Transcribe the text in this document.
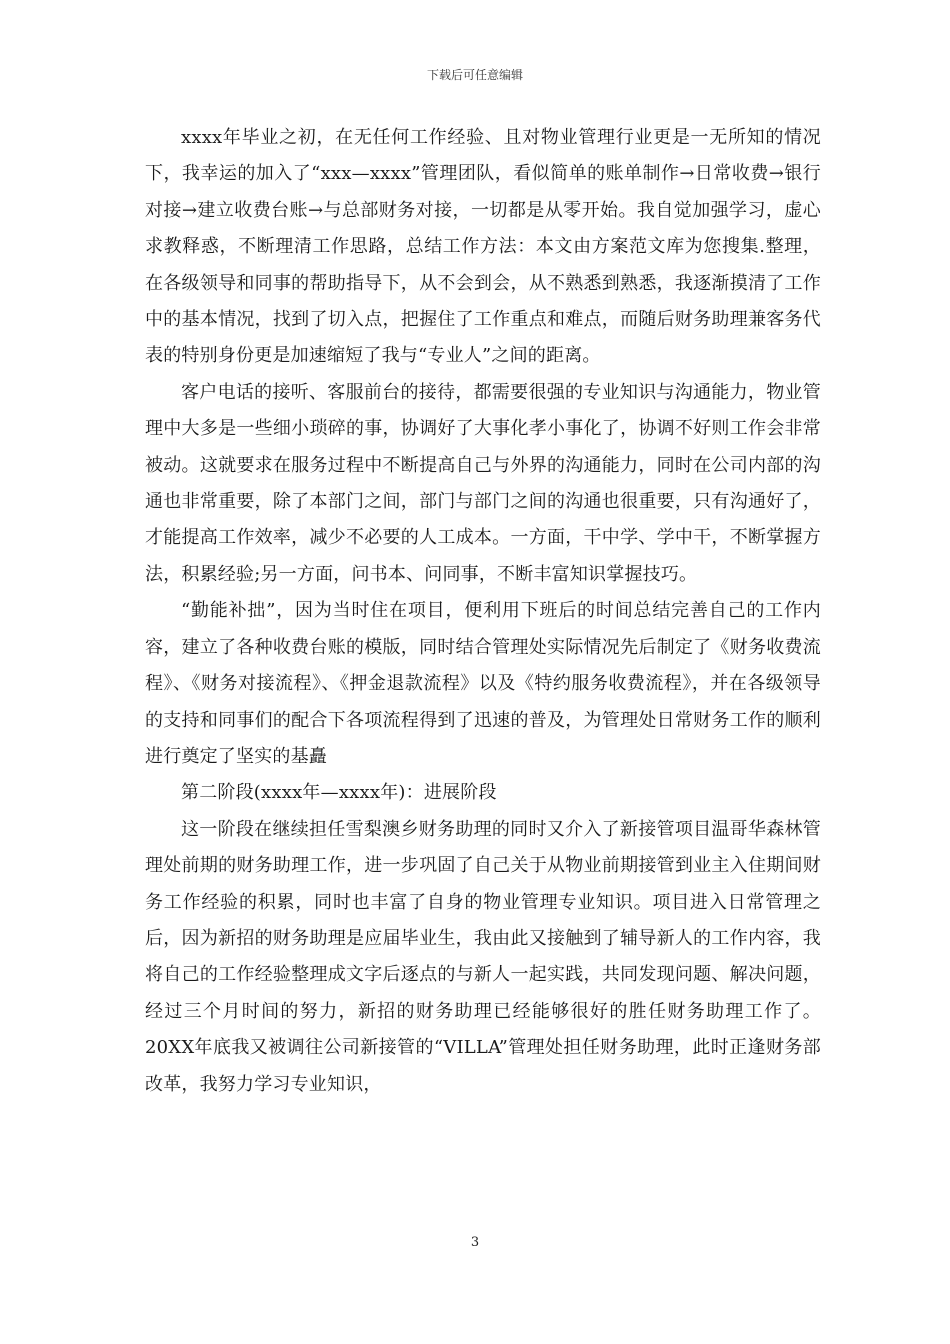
下载后可任意编辑

xxxx年毕业之初，在无任何工作经验、且对物业管理行业更是一无所知的情况下，我幸运的加入了“xxx—xxxx”管理团队，看似简单的账单制作→日常收费→银行对接→建立收费台账→与总部财务对接，一切都是从零开始。我自觉加强学习，虚心求教释惑，不断理清工作思路，总结工作方法：本文由方案范文库为您搜集.整理，在各级领导和同事的帮助指导下，从不会到会，从不熟悉到熟悉，我逐渐摸清了工作中的基本情况，找到了切入点，把握住了工作重点和难点，而随后财务助理兼客务代表的特别身份更是加速缩短了我与“专业人”之间的距离。

客户电话的接听、客服前台的接待，都需要很强的专业知识与沟通能力，物业管理中大多是一些细小琐碎的事，协调好了大事化孝小事化了，协调不好则工作会非常被动。这就要求在服务过程中不断提高自己与外界的沟通能力，同时在公司内部的沟通也非常重要，除了本部门之间，部门与部门之间的沟通也很重要，只有沟通好了，才能提高工作效率，减少不必要的人工成本。一方面，干中学、学中干，不断掌握方法，积累经验;另一方面，问书本、问同事，不断丰富知识掌握技巧。

“勤能补拙”，因为当时住在项目，便利用下班后的时间总结完善自己的工作内容，建立了各种收费台账的模版，同时结合管理处实际情况先后制定了《财务收费流程》、《财务对接流程》、《押金退款流程》以及《特约服务收费流程》，并在各级领导的支持和同事们的配合下各项流程得到了迅速的普及，为管理处日常财务工作的顺利进行奠定了坚实的基矗

第二阶段(xxxx年—xxxx年)：进展阶段

这一阶段在继续担任雪梨澳乡财务助理的同时又介入了新接管项目温哥华森林管理处前期的财务助理工作，进一步巩固了自己关于从物业前期接管到业主入住期间财务工作经验的积累，同时也丰富了自身的物业管理专业知识。项目进入日常管理之后，因为新招的财务助理是应届毕业生，我由此又接触到了辅导新人的工作内容，我将自己的工作经验整理成文字后逐点的与新人一起实践，共同发现问题、解决问题，经过三个月时间的努力，新招的财务助理已经能够很好的胜任财务助理工作了。20XX年底我又被调往公司新接管的“VILLA”管理处担任财务助理，此时正逢财务部改革，我努力学习专业知识，

3
